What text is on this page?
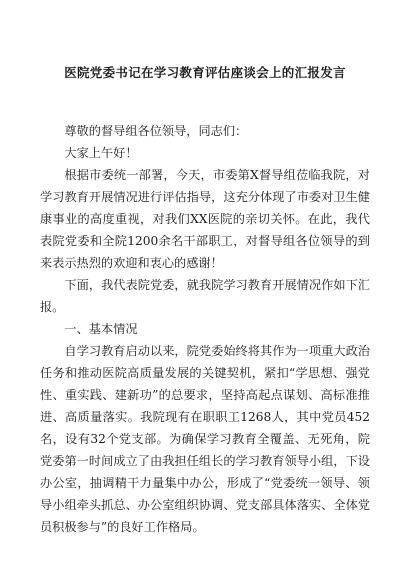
医院党委书记在学习教育评估座谈会上的汇报发言

尊敬的督导组各位领导，同志们：

大家上午好！

根据市委统一部署，今天，市委第Ⅹ督导组莅临我院，对学习教育开展情况进行评估指导，这充分体现了市委对卫生健康事业的高度重视，对我们XX医院的亲切关怀。在此，我代表院党委和全院1200余名干部职工，对督导组各位领导的到来表示热烈的欢迎和衷心的感谢！

下面，我代表院党委，就我院学习教育开展情况作如下汇报。

一、基本情况

自学习教育启动以来，院党委始终将其作为一项重大政治任务和推动医院高质量发展的关键契机，紧扣“学思想、强党性、重实践、建新功”的总要求，坚持高起点谋划、高标准推进、高质量落实。我院现有在职职工1268人，其中党员452名，设有32个党支部。为确保学习教育全覆盖、无死角，院党委第一时间成立了由我担任组长的学习教育领导小组，下设办公室，抽调精干力量集中办公，形成了“党委统一领导、领导小组牵头抓总、办公室组织协调、党支部具体落实、全体党员积极参与”的良好工作格局。
